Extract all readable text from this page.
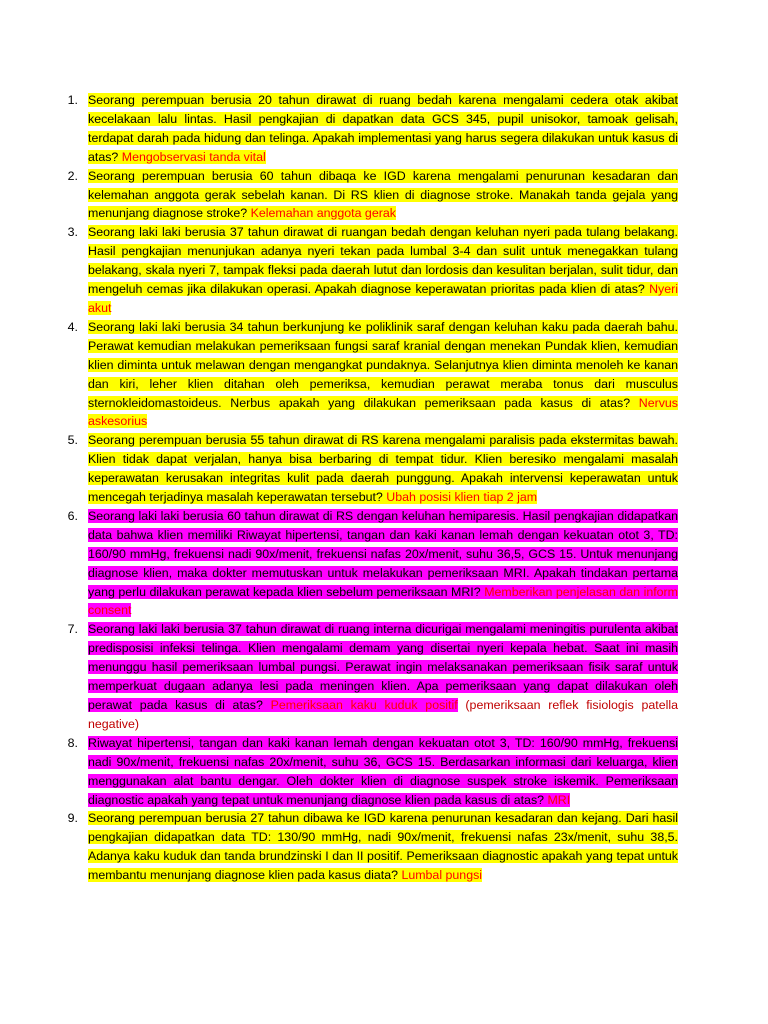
1. Seorang perempuan berusia 20 tahun dirawat di ruang bedah karena mengalami cedera otak akibat kecelakaan lalu lintas. Hasil pengkajian di dapatkan data GCS 345, pupil unisokor, tamoak gelisah, terdapat darah pada hidung dan telinga. Apakah implementasi yang harus segera dilakukan untuk kasus di atas? Mengobservasi tanda vital
2. Seorang perempuan berusia 60 tahun dibaqa ke IGD karena mengalami penurunan kesadaran dan kelemahan anggota gerak sebelah kanan. Di RS klien di diagnose stroke. Manakah tanda gejala yang menunjang diagnose stroke? Kelemahan anggota gerak
3. Seorang laki laki berusia 37 tahun dirawat di ruangan bedah dengan keluhan nyeri pada tulang belakang. Hasil pengkajian menunjukan adanya nyeri tekan pada lumbal 3-4 dan sulit untuk menegakkan tulang belakang, skala nyeri 7, tampak fleksi pada daerah lutut dan lordosis dan kesulitan berjalan, sulit tidur, dan mengeluh cemas jika dilakukan operasi. Apakah diagnose keperawatan prioritas pada klien di atas? Nyeri akut
4. Seorang laki laki berusia 34 tahun berkunjung ke poliklinik saraf dengan keluhan kaku pada daerah bahu. Perawat kemudian melakukan pemeriksaan fungsi saraf kranial dengan menekan Pundak klien, kemudian klien diminta untuk melawan dengan mengangkat pundaknya. Selanjutnya klien diminta menoleh ke kanan dan kiri, leher klien ditahan oleh pemeriksa, kemudian perawat meraba tonus dari musculus sternokleidomastoideus. Nerbus apakah yang dilakukan pemeriksaan pada kasus di atas? Nervus askesorius
5. Seorang perempuan berusia 55 tahun dirawat di RS karena mengalami paralisis pada ekstermitas bawah. Klien tidak dapat verjalan, hanya bisa berbaring di tempat tidur. Klien beresiko mengalami masalah keperawatan kerusakan integritas kulit pada daerah punggung. Apakah intervensi keperawatan untuk mencegah terjadinya masalah keperawatan tersebut? Ubah posisi klien tiap 2 jam
6. Seorang laki laki berusia 60 tahun dirawat di RS dengan keluhan hemiparesis. Hasil pengkajian didapatkan data bahwa klien memiliki Riwayat hipertensi, tangan dan kaki kanan lemah dengan kekuatan otot 3, TD: 160/90 mmHg, frekuensi nadi 90x/menit, frekuensi nafas 20x/menit, suhu 36,5, GCS 15. Untuk menunjang diagnose klien, maka dokter memutuskan untuk melakukan pemeriksaan MRI. Apakah tindakan pertama yang perlu dilakukan perawat kepada klien sebelum pemeriksaan MRI? Memberikan penjelasan dan inform consent
7. Seorang laki laki berusia 37 tahun dirawat di ruang interna dicurigai mengalami meningitis purulenta akibat predisposisi infeksi telinga. Klien mengalami demam yang disertai nyeri kepala hebat. Saat ini masih menunggu hasil pemeriksaan lumbal pungsi. Perawat ingin melaksanakan pemeriksaan fisik saraf untuk memperkuat dugaan adanya lesi pada meningen klien. Apa pemeriksaan yang dapat dilakukan oleh perawat pada kasus di atas? Pemeriksaan kaku kuduk positif (pemeriksaan reflek fisiologis patella negative)
8. Riwayat hipertensi, tangan dan kaki kanan lemah dengan kekuatan otot 3, TD: 160/90 mmHg, frekuensi nadi 90x/menit, frekuensi nafas 20x/menit, suhu 36, GCS 15. Berdasarkan informasi dari keluarga, klien menggunakan alat bantu dengar. Oleh dokter klien di diagnose suspek stroke iskemik. Pemeriksaan diagnostic apakah yang tepat untuk menunjang diagnose klien pada kasus di atas? MRI
9. Seorang perempuan berusia 27 tahun dibawa ke IGD karena penurunan kesadaran dan kejang. Dari hasil pengkajian didapatkan data TD: 130/90 mmHg, nadi 90x/menit, frekuensi nafas 23x/menit, suhu 38,5. Adanya kaku kuduk dan tanda brundzinski I dan II positif. Pemeriksaan diagnostic apakah yang tepat untuk membantu menunjang diagnose klien pada kasus diata? Lumbal pungsi
